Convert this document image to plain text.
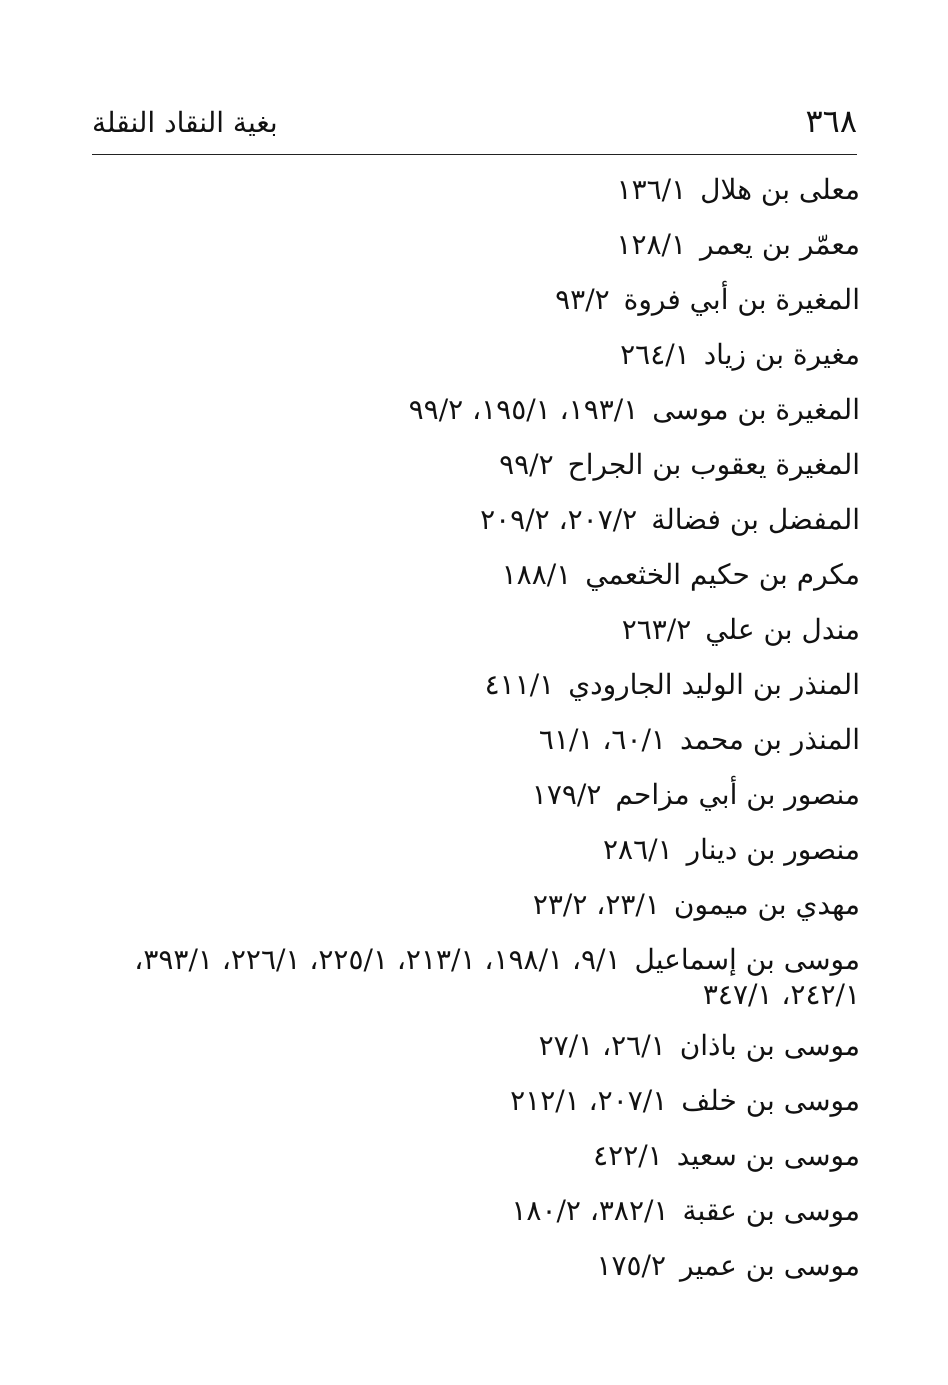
بغية النقاد النقلة	٣٦٨
معلى بن هلال١٣٦/١
معمّر بن يعمر١٢٨/١
المغيرة بن أبي فروة٩٣/٢
مغيرة بن زياد٢٦٤/١
المغيرة بن موسى١٩٣/١، ١٩٥/١، ٩٩/٢
المغيرة يعقوب بن الجراح٩٩/٢
المفضل بن فضالة٢٠٧/٢، ٢٠٩/٢
مكرم بن حكيم الخثعمي١٨٨/١
مندل بن علي٢٦٣/٢
المنذر بن الوليد الجارودي٤١١/١
المنذر بن محمد٦٠/١، ٦١/١
منصور بن أبي مزاحم١٧٩/٢
منصور بن دينار٢٨٦/١
مهدي بن ميمون٢٣/١، ٢٣/٢
موسى بن إسماعيل٩/١، ١٩٨/١، ٢١٣/١، ٢٢٥/١، ٢٢٦/١، ٣٩٣/١، ٢٤٢/١، ٣٤٧/١
موسى بن باذان٢٦/١، ٢٧/١
موسى بن خلف٢٠٧/١، ٢١٢/١
موسى بن سعيد٤٢٢/١
موسى بن عقبة٣٨٢/١، ١٨٠/٢
موسى بن عمير١٧٥/٢
